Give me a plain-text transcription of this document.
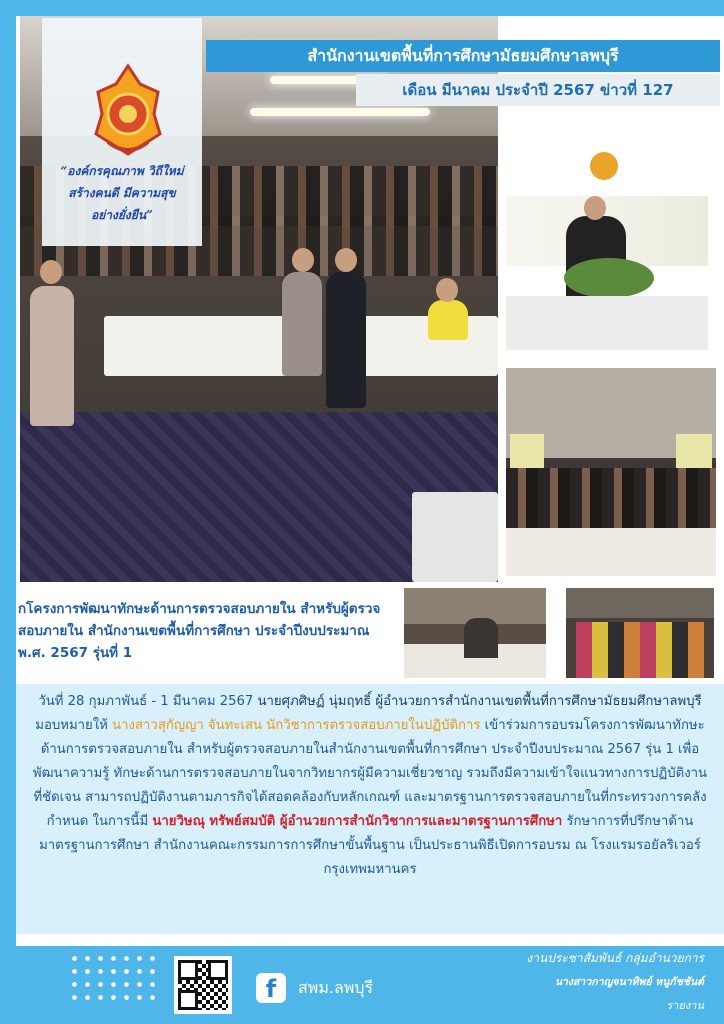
“องค์กรคุณภาพ วิถีใหม่
สร้างคนดี มีความสุข
อย่างยั่งยืน”
สำนักงานเขตพื้นที่การศึกษามัธยมศึกษาลพบุรี
เดือน มีนาคม ประจำปี 2567 ข่าวที่ 127
กโครงการพัฒนาทักษะด้านการตรวจสอบภายใน สำหรับผู้ตรวจสอบภายใน สำนักงานเขตพื้นที่การศึกษา ประจำปีงบประมาณ พ.ศ. 2567 รุ่นที่ 1
วันที่ 28 กุมภาพันธ์ - 1 มีนาคม 2567 นายศุภศิษฏ์ นุ่มฤทธิ์ ผู้อำนวยการสำนักงานเขตพื้นที่การศึกษามัธยมศึกษาลพบุรี มอบหมายให้ นางสาวสุกัญญา จันทะเสน นักวิชาการตรวจสอบภายในปฏิบัติการ เข้าร่วมการอบรมโครงการพัฒนาทักษะด้านการตรวจสอบภายใน สำหรับผู้ตรวจสอบภายในสำนักงานเขตพื้นที่การศึกษา ประจำปีงบประมาณ 2567 รุ่น 1 เพื่อพัฒนาความรู้ ทักษะด้านการตรวจสอบภายในจากวิทยากรผู้มีความเชี่ยวชาญ รวมถึงมีความเข้าใจแนวทางการปฏิบัติงานที่ชัดเจน สามารถปฏิบัติงานตามภารกิจได้สอดคล้องกับหลักเกณฑ์ และมาตรฐานการตรวจสอบภายในที่กระทรวงการคลังกำหนด ในการนี้มี นายวิษณุ ทรัพย์สมบัติ ผู้อำนวยการสำนักวิชาการและมาตรฐานการศึกษา รักษาการที่ปรึกษาด้านมาตรฐานการศึกษา สำนักงานคณะกรรมการการศึกษาขั้นพื้นฐาน เป็นประธานพิธีเปิดการอบรม ณ โรงแรมรอยัลริเวอร์ กรุงเทพมหานคร
f	สพม.ลพบุรี
งานประชาสัมพันธ์ กลุ่มอำนวยการ
นางสาวกาญจนาทิพย์ หนูกัชชันต์
รายงาน
